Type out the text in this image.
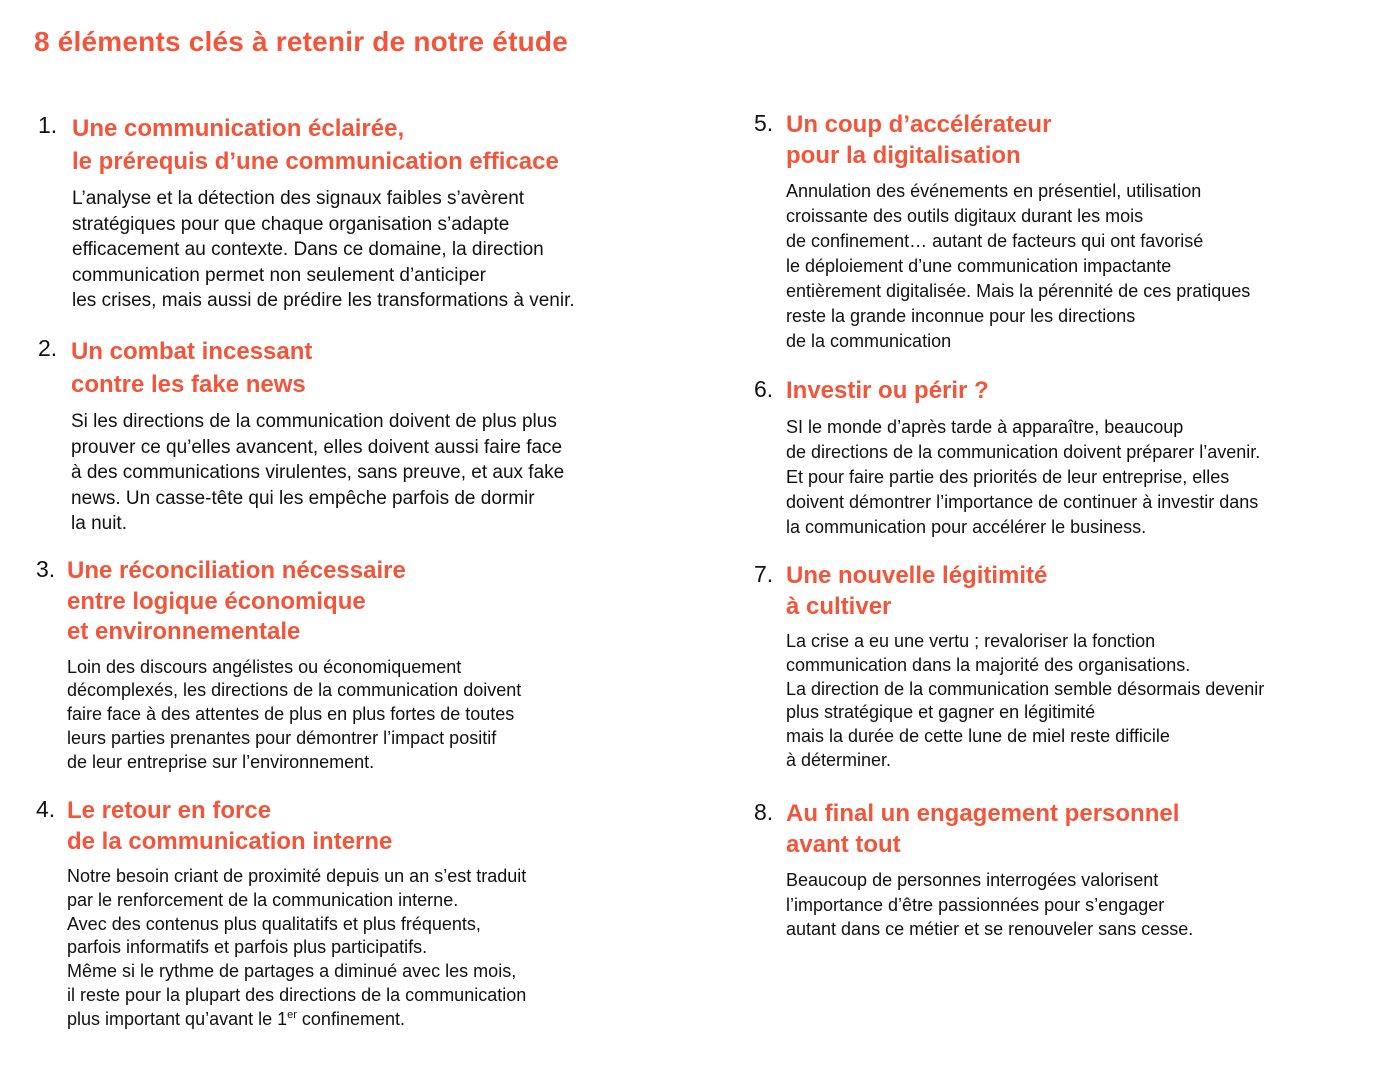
8 éléments clés à retenir de notre étude
1. Une communication éclairée,
le prérequis d’une communication efficace

L’analyse et la détection des signaux faibles s’avèrent
stratégiques pour que chaque organisation s’adapte
efficacement au contexte. Dans ce domaine, la direction
communication permet non seulement d’anticiper
les crises, mais aussi de prédire les transformations à venir.

2. Un combat incessant
contre les fake news

Si les directions de la communication doivent de plus plus
prouver ce qu’elles avancent, elles doivent aussi faire face
à des communications virulentes, sans preuve, et aux fake
news. Un casse-tête qui les empêche parfois de dormir
la nuit.

3. Une réconciliation nécessaire
entre logique économique
et environnementale

Loin des discours angélistes ou économiquement
décomplexés, les directions de la communication doivent
faire face à des attentes de plus en plus fortes de toutes
leurs parties prenantes pour démontrer l’impact positif
de leur entreprise sur l’environnement.

4. Le retour en force
de la communication interne

Notre besoin criant de proximité depuis un an s’est traduit
par le renforcement de la communication interne.
Avec des contenus plus qualitatifs et plus fréquents,
parfois informatifs et parfois plus participatifs.
Même si le rythme de partages a diminué avec les mois,
il reste pour la plupart des directions de la communication
plus important qu’avant le 1er confinement.

5. Un coup d’accélérateur
pour la digitalisation

Annulation des événements en présentiel, utilisation
croissante des outils digitaux durant les mois
de confinement… autant de facteurs qui ont favorisé
le déploiement d’une communication impactante
entièrement digitalisée. Mais la pérennité de ces pratiques
reste la grande inconnue pour les directions
de la communication

6. Investir ou périr ?

SI le monde d’après tarde à apparaître, beaucoup
de directions de la communication doivent préparer l’avenir.
Et pour faire partie des priorités de leur entreprise, elles
doivent démontrer l’importance de continuer à investir dans
la communication pour accélérer le business.

7. Une nouvelle légitimité
à cultiver

La crise a eu une vertu ; revaloriser la fonction
communication dans la majorité des organisations.
La direction de la communication semble désormais devenir
plus stratégique et gagner en légitimité
mais la durée de cette lune de miel reste difficile
à déterminer.

8. Au final un engagement personnel
avant tout

Beaucoup de personnes interrogées valorisent
l’importance d’être passionnées pour s’engager
autant dans ce métier et se renouveler sans cesse.
